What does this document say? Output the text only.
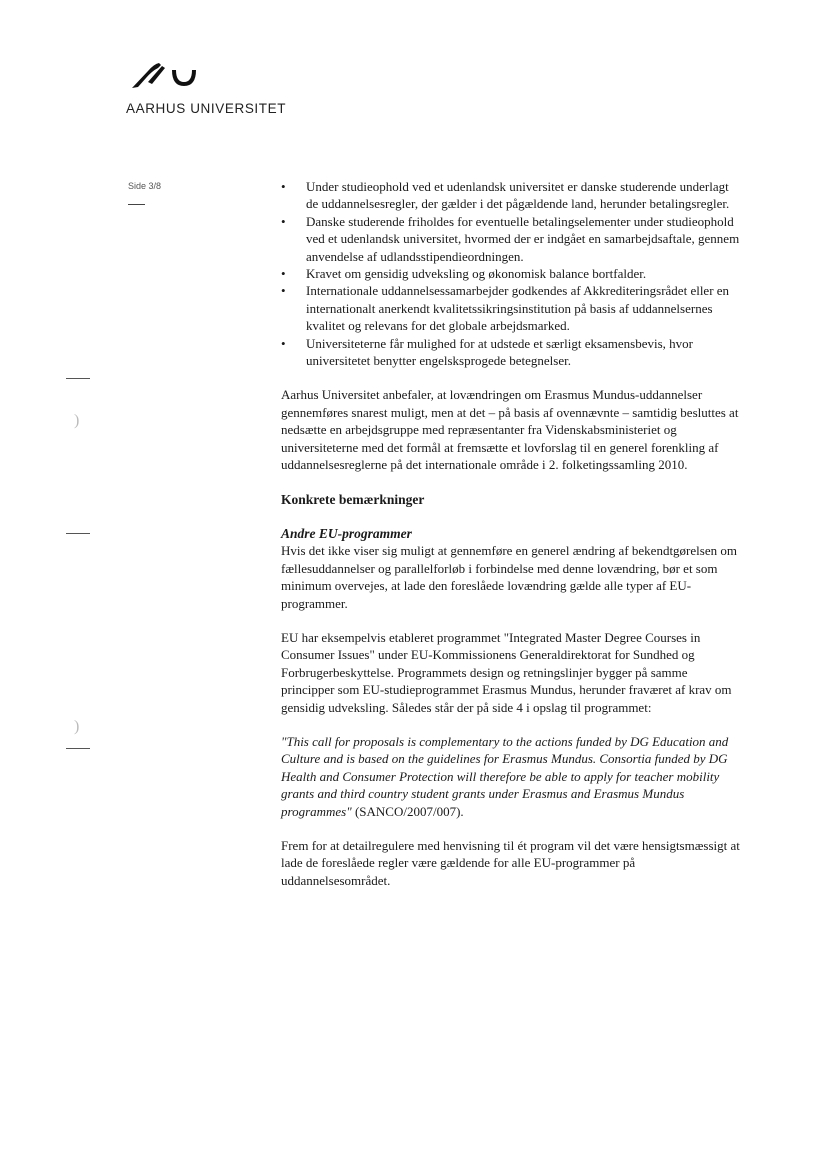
AARHUS UNIVERSITET
Side 3/8
)
)
• Under studieophold ved et udenlandsk universitet er danske studerende underlagt de uddannelsesregler, der gælder i det pågældende land, herunder betalingsregler.
• Danske studerende friholdes for eventuelle betalingselementer under studieophold ved et udenlandsk universitet, hvormed der er indgået en samarbejdsaftale, gennem anvendelse af udlandsstipendieordningen.
• Kravet om gensidig udveksling og økonomisk balance bortfalder.
• Internationale uddannelsessamarbejder godkendes af Akkrediteringsrådet eller en internationalt anerkendt kvalitetssikringsinstitution på basis af uddannelsernes kvalitet og relevans for det globale arbejdsmarked.
• Universiteterne får mulighed for at udstede et særligt eksamensbevis, hvor universitetet benytter engelsksprogede betegnelser.

Aarhus Universitet anbefaler, at lovændringen om Erasmus Mundus-uddannelser gennemføres snarest muligt, men at det – på basis af ovennævnte – samtidig besluttes at nedsætte en arbejdsgruppe med repræsentanter fra Videnskabsministeriet og universiteterne med det formål at fremsætte et lovforslag til en generel forenkling af uddannelsesreglerne på det internationale område i 2. folketingssamling 2010.

Konkrete bemærkninger

Andre EU-programmer

Hvis det ikke viser sig muligt at gennemføre en generel ændring af bekendtgørelsen om fællesuddannelser og parallelforløb i forbindelse med denne lovændring, bør et som minimum overvejes, at lade den foreslåede lovændring gælde alle typer af EU-programmer.

EU har eksempelvis etableret programmet "Integrated Master Degree Courses in Consumer Issues" under EU-Kommissionens Generaldirektorat for Sundhed og Forbrugerbeskyttelse. Programmets design og retningslinjer bygger på samme principper som EU-studieprogrammet Erasmus Mundus, herunder fraværet af krav om gensidig udveksling. Således står der på side 4 i opslag til programmet:

"This call for proposals is complementary to the actions funded by DG Education and Culture and is based on the guidelines for Erasmus Mundus. Consortia funded by DG Health and Consumer Protection will therefore be able to apply for teacher mobility grants and third country student grants under Erasmus and Erasmus Mundus programmes" (SANCO/2007/007).

Frem for at detailregulere med henvisning til ét program vil det være hensigtsmæssigt at lade de foreslåede regler være gældende for alle EU-programmer på uddannelsesområdet.
